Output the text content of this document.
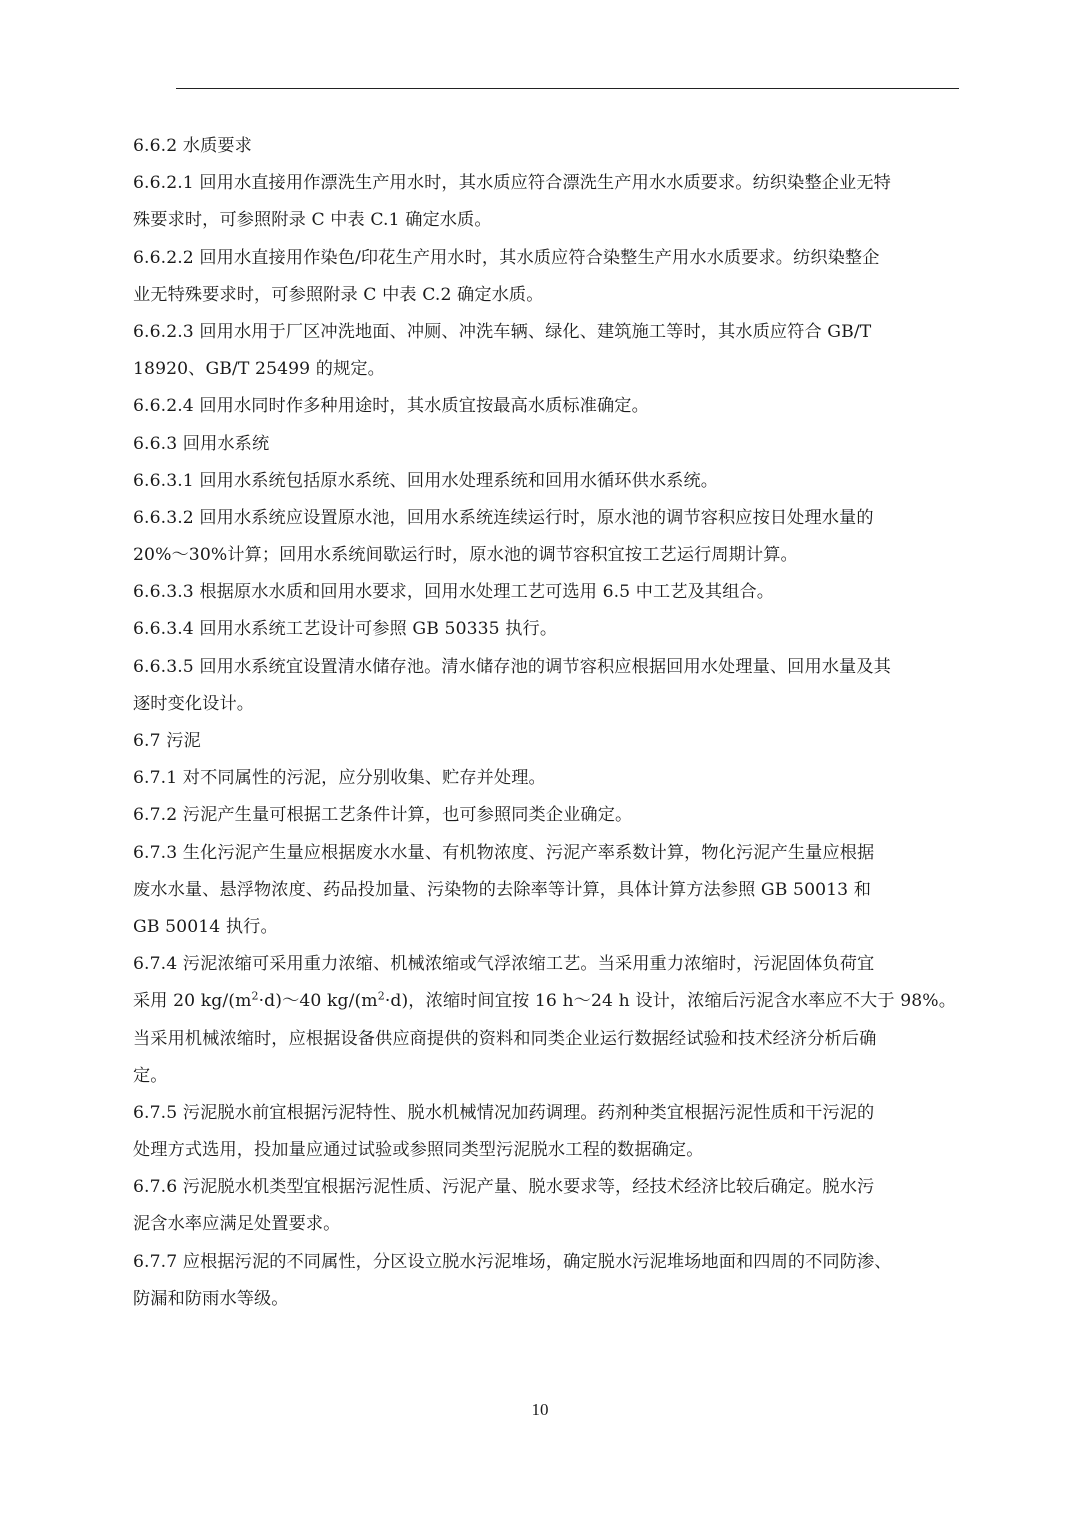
6.6.2 水质要求
6.6.2.1 回用水直接用作漂洗生产用水时，其水质应符合漂洗生产用水水质要求。纺织染整企业无特
殊要求时，可参照附录 C 中表 C.1 确定水质。
6.6.2.2 回用水直接用作染色/印花生产用水时，其水质应符合染整生产用水水质要求。纺织染整企
业无特殊要求时，可参照附录 C 中表 C.2 确定水质。
6.6.2.3 回用水用于厂区冲洗地面、冲厕、冲洗车辆、绿化、建筑施工等时，其水质应符合 GB/T
18920、GB/T 25499 的规定。
6.6.2.4 回用水同时作多种用途时，其水质宜按最高水质标准确定。
6.6.3 回用水系统
6.6.3.1 回用水系统包括原水系统、回用水处理系统和回用水循环供水系统。
6.6.3.2 回用水系统应设置原水池，回用水系统连续运行时，原水池的调节容积应按日处理水量的
20%～30%计算；回用水系统间歇运行时，原水池的调节容积宜按工艺运行周期计算。
6.6.3.3 根据原水水质和回用水要求，回用水处理工艺可选用 6.5 中工艺及其组合。
6.6.3.4 回用水系统工艺设计可参照 GB 50335 执行。
6.6.3.5 回用水系统宜设置清水储存池。清水储存池的调节容积应根据回用水处理量、回用水量及其
逐时变化设计。
6.7 污泥
6.7.1 对不同属性的污泥，应分别收集、贮存并处理。
6.7.2 污泥产生量可根据工艺条件计算，也可参照同类企业确定。
6.7.3 生化污泥产生量应根据废水水量、有机物浓度、污泥产率系数计算，物化污泥产生量应根据
废水水量、悬浮物浓度、药品投加量、污染物的去除率等计算，具体计算方法参照 GB 50013 和
GB 50014 执行。
6.7.4 污泥浓缩可采用重力浓缩、机械浓缩或气浮浓缩工艺。当采用重力浓缩时，污泥固体负荷宜
采用 20 $kg/(m^2\cdot d)\sim 40$ $kg/(m^2\cdot d)$，浓缩时间宜按 16 h～24 h 设计，浓缩后污泥含水率应不大于 98%。
当采用机械浓缩时，应根据设备供应商提供的资料和同类企业运行数据经试验和技术经济分析后确
定。
6.7.5 污泥脱水前宜根据污泥特性、脱水机械情况加药调理。药剂种类宜根据污泥性质和干污泥的
处理方式选用，投加量应通过试验或参照同类型污泥脱水工程的数据确定。
6.7.6 污泥脱水机类型宜根据污泥性质、污泥产量、脱水要求等，经技术经济比较后确定。脱水污
泥含水率应满足处置要求。
6.7.7 应根据污泥的不同属性，分区设立脱水污泥堆场，确定脱水污泥堆场地面和四周的不同防渗、
防漏和防雨水等级。
10
